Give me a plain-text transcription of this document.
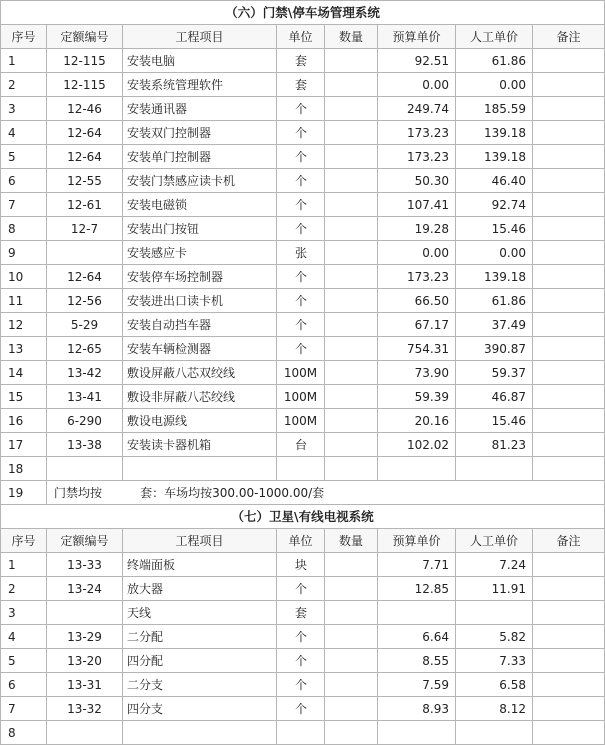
（六）门禁\停车场管理系统							
序号	定额编号	工程项目	单位	数量	预算单价	人工单价	备注
1	12-115	安装电脑	套		92.51	61.86	
2	12-115	安装系统管理软件	套		0.00	0.00	
3	12-46	安装通讯器	个		249.74	185.59	
4	12-64	安装双门控制器	个		173.23	139.18	
5	12-64	安装单门控制器	个		173.23	139.18	
6	12-55	安装门禁感应读卡机	个		50.30	46.40	
7	12-61	安装电磁锁	个		107.41	92.74	
8	12-7	安装出门按钮	个		19.28	15.46	
9		安装感应卡	张		0.00	0.00	
10	12-64	安装停车场控制器	个		173.23	139.18	
11	12-56	安装进出口读卡机	个		66.50	61.86	
12	5-29	安装自动挡车器	个		67.17	37.49	
13	12-65	安装车辆检测器	个		754.31	390.87	
14	13-42	敷设屏蔽八芯双绞线	100M		73.90	59.37	
15	13-41	敷设非屏蔽八芯绞线	100M		59.39	46.87	
16	6-290	敷设电源线	100M		20.16	15.46	
17	13-38	安装读卡器机箱	台		102.02	81.23	
18							
19	门禁均按          套：车场均按300.00-1000.00/套						
（七）卫星\有线电视系统							
序号	定额编号	工程项目	单位	数量	预算单价	人工单价	备注
1	13-33	终端面板	块		7.71	7.24	
2	13-24	放大器	个		12.85	11.91	
3		天线	套				
4	13-29	二分配	个		6.64	5.82	
5	13-20	四分配	个		8.55	7.33	
6	13-31	二分支	个		7.59	6.58	
7	13-32	四分支	个		8.93	8.12	
8							
